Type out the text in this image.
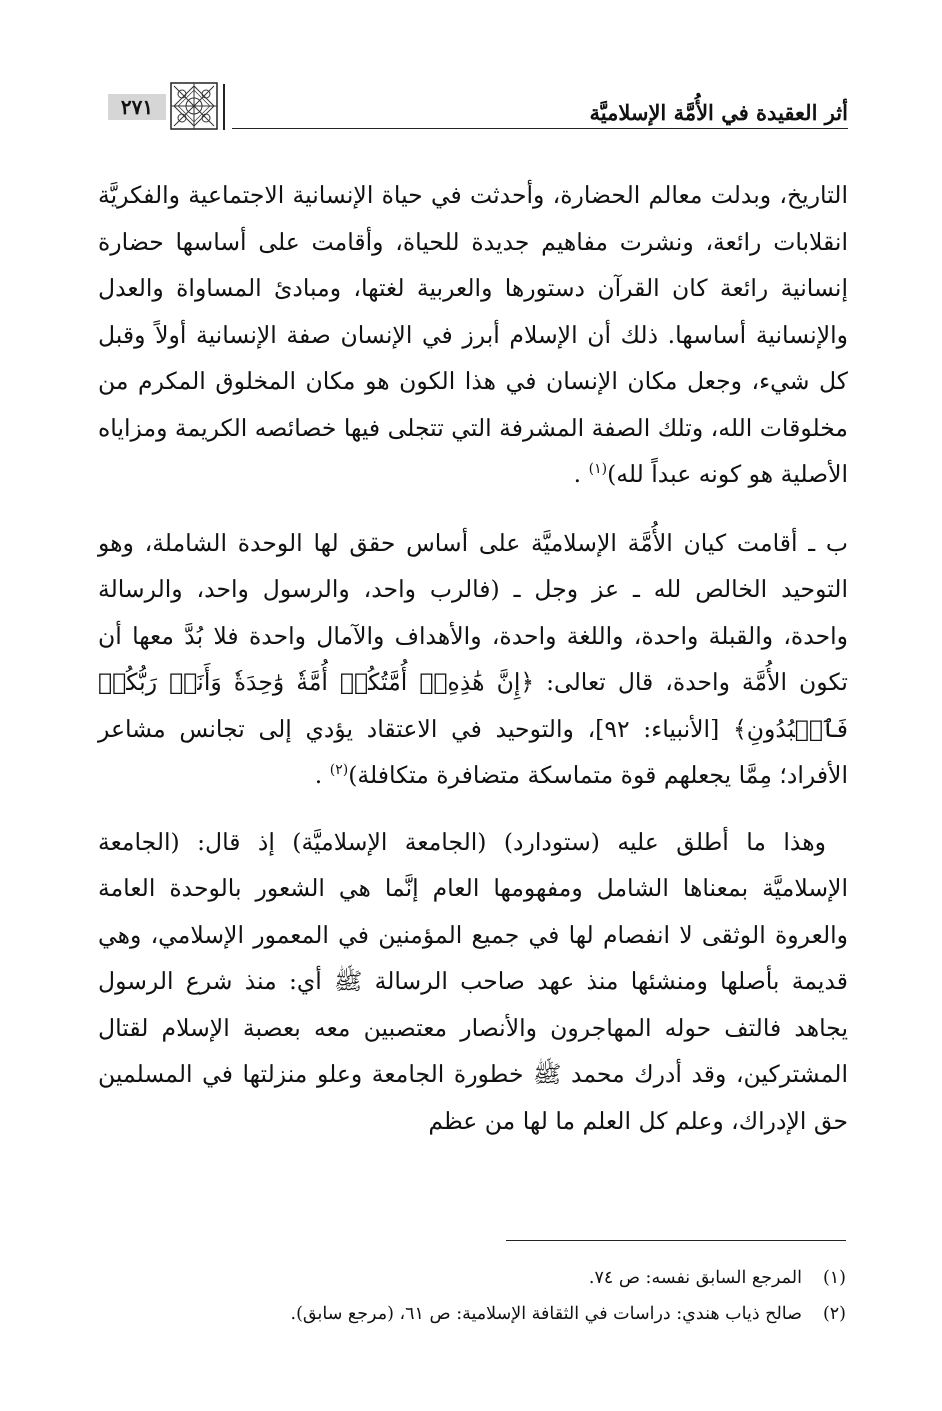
أثر العقيدة في الأُمَّة الإسلاميَّة
٢٧١

التاريخ، وبدلت معالم الحضارة، وأحدثت في حياة الإنسانية الاجتماعية والفكريَّة انقلابات رائعة، ونشرت مفاهيم جديدة للحياة، وأقامت على أساسها حضارة إنسانية رائعة كان القرآن دستورها والعربية لغتها، ومبادئ المساواة والعدل والإنسانية أساسها. ذلك أن الإسلام أبرز في الإنسان صفة الإنسانية أولاً وقبل كل شيء، وجعل مكان الإنسان في هذا الكون هو مكان المخلوق المكرم من مخلوقات الله، وتلك الصفة المشرفة التي تتجلى فيها خصائصه الكريمة ومزاياه الأصلية هو كونه عبداً لله)$^{(١)}$ .

ب ـ أقامت كيان الأُمَّة الإسلاميَّة على أساس حقق لها الوحدة الشاملة، وهو التوحيد الخالص لله ـ عز وجل ـ (فالرب واحد، والرسول واحد، والرسالة واحدة، والقبلة واحدة، واللغة واحدة، والأهداف والآمال واحدة فلا بُدَّ معها أن تكون الأُمَّة واحدة، قال تعالى: ﴿إِنَّ هَٰذِهِۦٓ أُمَّتُكُمۡ أُمَّةٗ وَٰحِدَةٗ وَأَنَا۠ رَبُّكُمۡ فَٱعۡبُدُونِ﴾ [الأنبياء: ٩٢]، والتوحيد في الاعتقاد يؤدي إلى تجانس مشاعر الأفراد؛ مِمَّا يجعلهم قوة متماسكة متضافرة متكافلة)$^{(٢)}$ .

وهذا ما أطلق عليه (ستودارد) (الجامعة الإسلاميَّة) إذ قال: (الجامعة الإسلاميَّة بمعناها الشامل ومفهومها العام إنَّما هي الشعور بالوحدة العامة والعروة الوثقى لا انفصام لها في جميع المؤمنين في المعمور الإسلامي، وهي قديمة بأصلها ومنشئها منذ عهد صاحب الرسالة ﷺ أي: منذ شرع الرسول يجاهد فالتف حوله المهاجرون والأنصار معتصبين معه بعصبة الإسلام لقتال المشتركين، وقد أدرك محمد ﷺ خطورة الجامعة وعلو منزلتها في المسلمين حق الإدراك، وعلم كل العلم ما لها من عظم

(١)المرجع السابق نفسه: ص ٧٤.
(٢)صالح ذياب هندي: دراسات في الثقافة الإسلامية: ص ٦١، (مرجع سابق).
